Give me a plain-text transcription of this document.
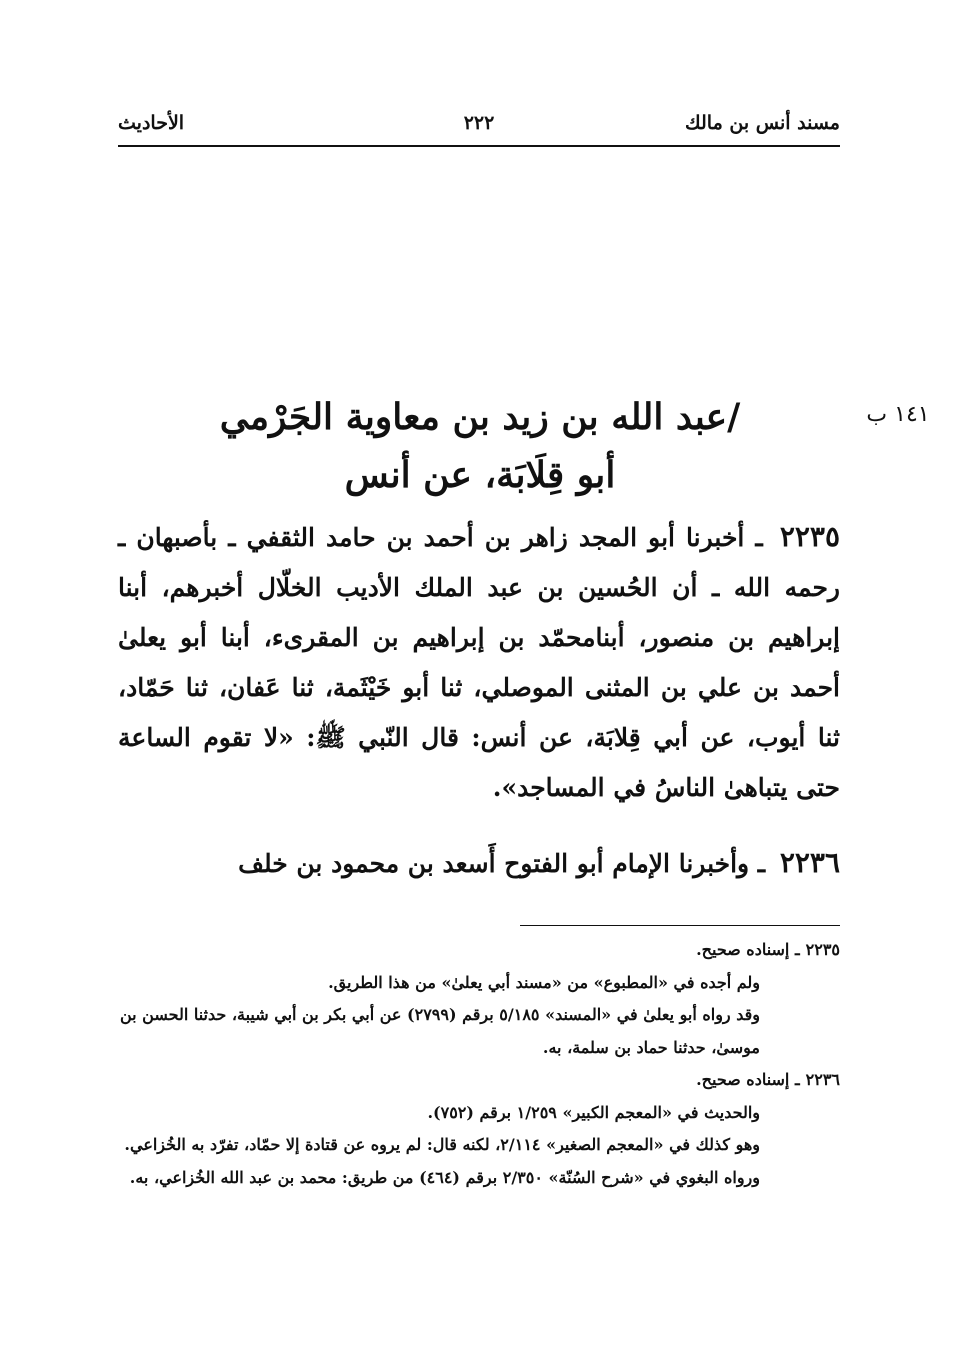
مسند أنس بن مالك
٢٢٢
الأحاديث
١٤١ ب
/عبد الله بن زيد بن معاوية الجَرْمي
أبو قِلَابَة، عن أنس
٢٢٣٥ ـ أخبرنا أبو المجد زاهر بن أحمد بن حامد الثقفي ـ بأصبهان ـ رحمه الله ـ أن الحُسين بن عبد الملك الأديب الخلّال أخبرهم، أبنا إبراهيم بن منصور، أبنامحمّد بن إبراهيم بن المقرىء، أبنا أبو يعلىٰ أحمد بن علي بن المثنى الموصلي، ثنا أبو خَيْثَمة، ثنا عَفان، ثنا حَمّاد، ثنا أيوب، عن أبي قِلابَة، عن أنس: قال النّبي ﷺ: «لا تقوم الساعة حتى يتباهىٰ الناسُ في المساجد».
٢٢٣٦ ـ وأخبرنا الإمام أبو الفتوح أَسعد بن محمود بن خلف
٢٢٣٥ـ إسناده صحيح.
ولم أجده في «المطبوع» من «مسند أبي يعلىٰ» من هذا الطريق.
وقد رواه أبو يعلىٰ في «المسند» ٥/١٨٥ برقم (٢٧٩٩) عن أبي بكر بن أبي شيبة، حدثنا الحسن بن موسىٰ، حدثنا حماد بن سلمة، به.
٢٢٣٦ـ إسناده صحيح.
والحديث في «المعجم الكبير» ١/٢٥٩ برقم (٧٥٢).
وهو كذلك في «المعجم الصغير» ٢/١١٤، لكنه قال: لم يروه عن قتادة إلا حمّاد، تفرّد به الخُزاعي.
ورواه البغوي في «شرح السُنّة» ٢/٣٥٠ برقم (٤٦٤) من طريق: محمد بن عبد الله الخُزاعي، به.
